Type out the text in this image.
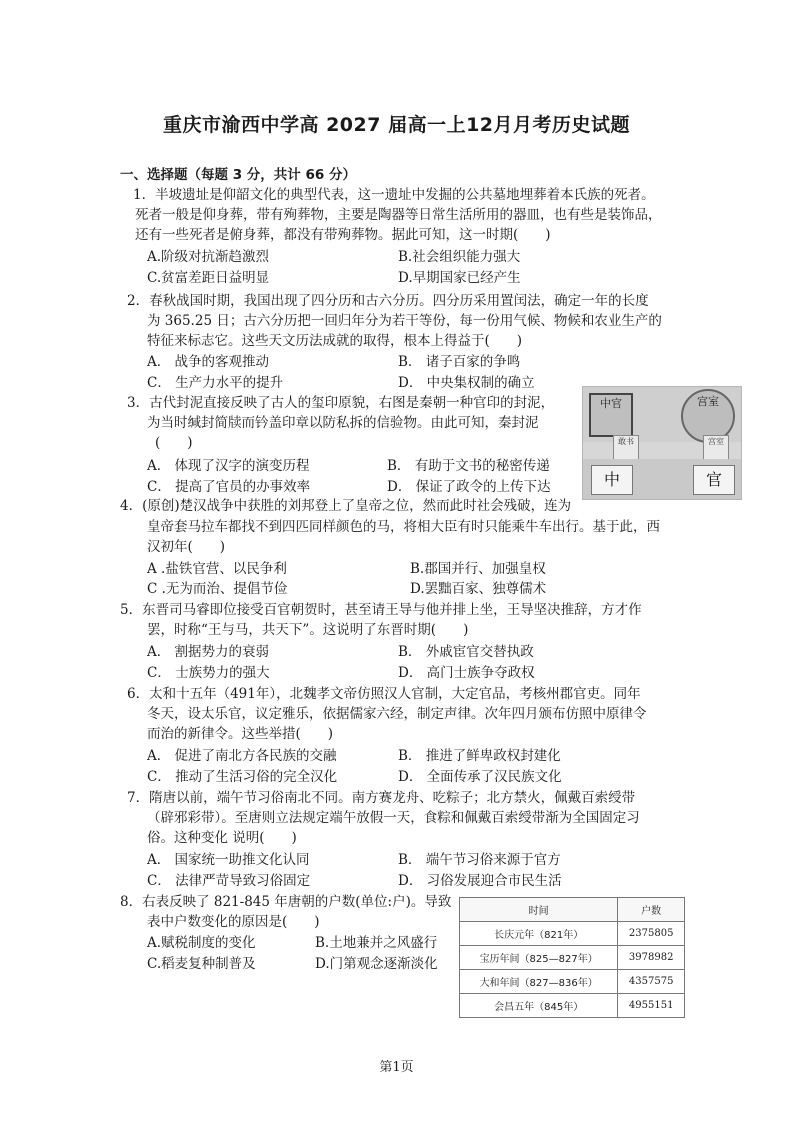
重庆市渝西中学高 2027 届高一上12月月考历史试题
一、选择题（每题 3 分，共计 66 分）
1．半坡遗址是仰韶文化的典型代表，这一遗址中发掘的公共墓地埋葬着本氏族的死者。
死者一般是仰身葬，带有殉葬物，主要是陶器等日常生活所用的器皿，也有些是装饰品，
还有一些死者是俯身葬，都没有带殉葬物。据此可知，这一时期(　　)
A.阶级对抗渐趋激烈	B.社会组织能力强大
C.贫富差距日益明显	D.早期国家已经产生
2．春秋战国时期，我国出现了四分历和古六分历。四分历采用置闰法，确定一年的长度
为 365.25 日；古六分历把一回归年分为若干等份，每一份用气候、物候和农业生产的
特征来标志它。这些天文历法成就的取得，根本上得益于(　　)
A． 战争的客观推动	B． 诸子百家的争鸣
C． 生产力水平的提升	D． 中央集权制的确立
3．古代封泥直接反映了古人的玺印原貌，右图是秦朝一种官印的封泥，
为当时缄封简牍而钤盖印章以防私拆的信验物。由此可知，秦封泥
(　　)
A． 体现了汉字的演变历程	B． 有助于文书的秘密传递
C． 提高了官员的办事效率	D． 保证了政令的上传下达
中官	宫室
敢书	宫室
中	官
4．(原创)楚汉战争中获胜的刘邦登上了皇帝之位，然而此时社会残破，连为
皇帝套马拉车都找不到四匹同样颜色的马，将相大臣有时只能乘牛车出行。基于此，西
汉初年(　　)
A .盐铁官营、以民争利	B.郡国并行、加强皇权
C .无为而治、提倡节俭	D.罢黜百家、独尊儒术
5．东晋司马睿即位接受百官朝贺时，甚至请王导与他并排上坐，王导坚决推辞，方才作
罢，时称“王与马，共天下”。这说明了东晋时期(　　)
A． 割据势力的衰弱	B． 外戚宦官交替执政
C． 士族势力的强大	D． 高门士族争夺政权
6．太和十五年（491年），北魏孝文帝仿照汉人官制，大定官品，考核州郡官吏。同年
冬天，设太乐官，议定雅乐，依据儒家六经，制定声律。次年四月颁布仿照中原律令
而治的新律令。这些举措(　　)
A． 促进了南北方各民族的交融	B． 推进了鲜卑政权封建化
C． 推动了生活习俗的完全汉化	D． 全面传承了汉民族文化
7．隋唐以前，端午节习俗南北不同。南方赛龙舟、吃粽子；北方禁火，佩戴百索绶带
（辟邪彩带）。至唐则立法规定端午放假一天，食粽和佩戴百索绶带渐为全国固定习
俗。这种变化 说明(　　)
A． 国家统一助推文化认同	B． 端午节习俗来源于官方
C． 法律严苛导致习俗固定	D． 习俗发展迎合市民生活
8．右表反映了 821-845 年唐朝的户数(单位:户)。导致
表中户数变化的原因是(　　)
A.赋税制度的变化	B.土地兼并之风盛行
C.稻麦复种制普及	D.门第观念逐渐淡化
时间	户数
长庆元年（821年）	2375805
宝历年间（825—827年）	3978982
大和年间（827—836年）	4357575
会昌五年（845年）	4955151
第1页
